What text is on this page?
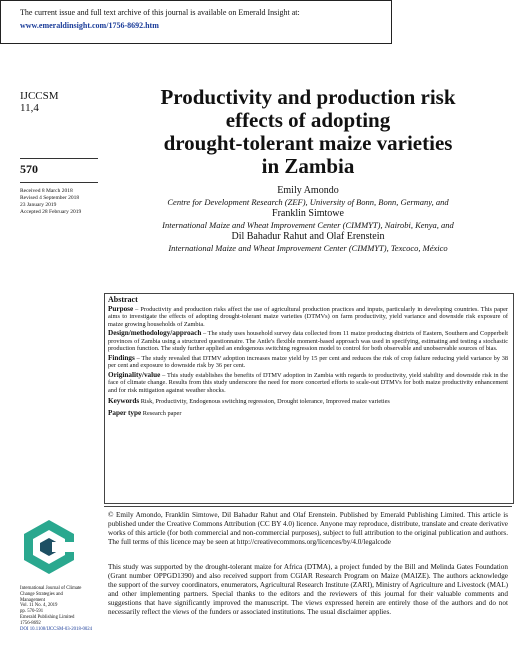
The current issue and full text archive of this journal is available on Emerald Insight at:
www.emeraldinsight.com/1756-8692.htm
IJCCSM
11,4
570
Received 8 March 2018
Revised 4 September 2018
23 January 2019
Accepted 28 February 2019
Productivity and production risk
effects of adopting
drought-tolerant maize varieties
in Zambia
Emily Amondo
Centre for Development Research (ZEF), University of Bonn, Bonn, Germany, and
Franklin Simtowe
International Maize and Wheat Improvement Center (CIMMYT), Nairobi, Kenya, and
Dil Bahadur Rahut and Olaf Erenstein
International Maize and Wheat Improvement Center (CIMMYT), Texcoco, México
Abstract

Purpose – Productivity and production risks affect the use of agricultural production practices and inputs, particularly in developing countries. This paper aims to investigate the effects of adopting drought-tolerant maize varieties (DTMVs) on farm productivity, yield variance and downside risk exposure of maize growing households of Zambia.

Design/methodology/approach – The study uses household survey data collected from 11 maize producing districts of Eastern, Southern and Copperbelt provinces of Zambia using a structured questionnaire. The Antle's flexible moment-based approach was used in specifying, estimating and testing a stochastic production function. The study further applied an endogenous switching regression model to control for both observable and unobservable sources of bias.

Findings – The study revealed that DTMV adoption increases maize yield by 15 per cent and reduces the risk of crop failure reducing yield variance by 38 per cent and exposure to downside risk by 36 per cent.

Originality/value – This study establishes the benefits of DTMV adoption in Zambia with regards to productivity, yield stability and downside risk in the face of climate change. Results from this study underscore the need for more concerted efforts to scale-out DTMVs for both maize productivity enhancement and for risk mitigation against weather shocks.

Keywords Risk, Productivity, Endogenous switching regression, Drought tolerance, Improved maize varieties

Paper type Research paper

© Emily Amondo, Franklin Simtowe, Dil Bahadur Rahut and Olaf Erenstein. Published by Emerald Publishing Limited. This article is published under the Creative Commons Attribution (CC BY 4.0) licence. Anyone may reproduce, distribute, translate and create derivative works of this article (for both commercial and non-commercial purposes), subject to full attribution to the original publication and authors. The full terms of this licence may be seen at http://creativecommons.org/licences/by/4.0/legalcode
This study was supported by the drought-tolerant maize for Africa (DTMA), a project funded by the Bill and Melinda Gates Foundation (Grant number OPPGD1390) and also received support from CGIAR Research Program on Maize (MAIZE). The authors acknowledge the support of the survey coordinators, enumerators, Agricultural Research Institute (ZARI), Ministry of Agriculture and Livestock (MAL) and other implementing partners. Special thanks to the editors and the reviewers of this journal for their valuable comments and suggestions that have significantly improved the manuscript. The views expressed herein are entirely those of the authors and do not necessarily reflect the views of the funders or associated institutions. The usual disclaimer applies.
International Journal of Climate
Change Strategies and
Management
Vol. 11 No. 4, 2019
pp. 570-591
Emerald Publishing Limited
1756-8692
DOI 10.1108/IJCCSM-03-2018-0024
